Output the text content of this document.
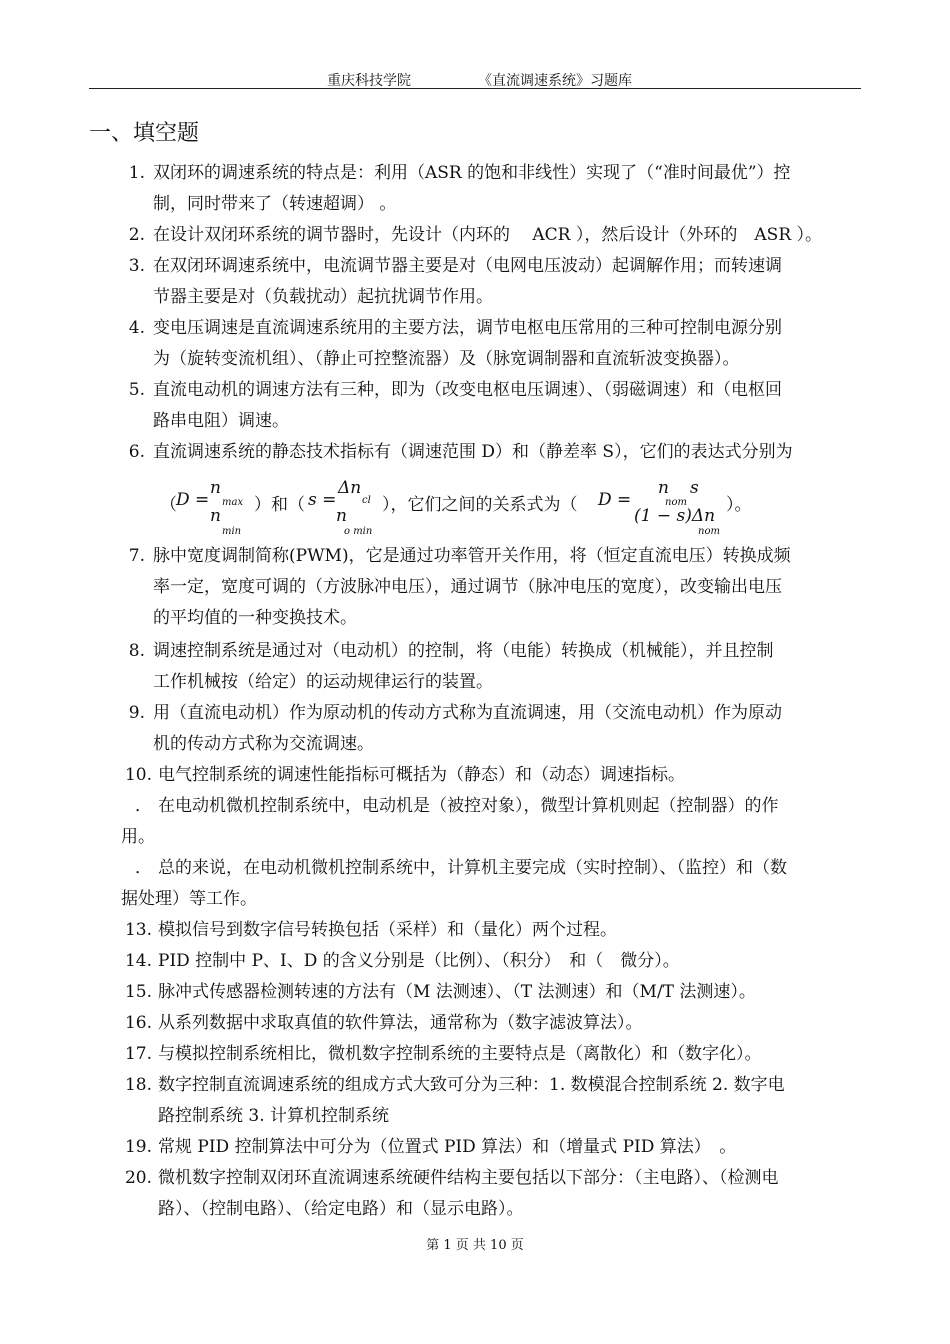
重庆科技学院	《直流调速系统》习题库
一、填空题
1. 双闭环的调速系统的特点是：利用（ASR 的饱和非线性）实现了（“准时间最优”）控
制，同时带来了（转速超调） 。
2. 在设计双闭环系统的调节器时，先设计（内环的　 ACR ），然后设计（外环的　ASR ）。
3. 在双闭环调速系统中，电流调节器主要是对（电网电压波动）起调解作用；而转速调
节器主要是对（负载扰动）起抗扰调节作用。
4. 变电压调速是直流调速系统用的主要方法，调节电枢电压常用的三种可控制电源分别
为（旋转变流机组）、（静止可控整流器）及（脉宽调制器和直流斩波变换器）。
5. 直流电动机的调速方法有三种，即为（改变电枢电压调速）、（弱磁调速）和（电枢回
路串电阻）调速。
6. 直流调速系统的静态技术指标有（调速范围 D）和（静差率 S），它们的表达式分别为
7. 脉中宽度调制简称(PWM)，它是通过功率管开关作用，将（恒定直流电压）转换成频
率一定，宽度可调的（方波脉冲电压），通过调节（脉冲电压的宽度），改变输出电压
的平均值的一种变换技术。
8. 调速控制系统是通过对（电动机）的控制，将（电能）转换成（机械能），并且控制
工作机械按（给定）的运动规律运行的装置。
9. 用（直流电动机）作为原动机的传动方式称为直流调速，用（交流电动机）作为原动
机的传动方式称为交流调速。
10. 电气控制系统的调速性能指标可概括为（静态）和（动态）调速指标。
． 在电动机微机控制系统中，电动机是（被控对象），微型计算机则起（控制器）的作
用。
． 总的来说，在电动机微机控制系统中，计算机主要完成（实时控制）、（监控）和（数
据处理）等工作。
13. 模拟信号到数字信号转换包括（采样）和（量化）两个过程。
14. PID 控制中 P、I、D 的含义分别是（比例）、（积分）　和（　微分）。
15. 脉冲式传感器检测转速的方法有（M 法测速）、（T 法测速）和（M/T 法测速）。
16. 从系列数据中求取真值的软件算法，通常称为（数字滤波算法）。
17. 与模拟控制系统相比，微机数字控制系统的主要特点是（离散化）和（数字化）。
18. 数字控制直流调速系统的组成方式大致可分为三种：1. 数模混合控制系统 2. 数字电
路控制系统 3. 计算机控制系统
19. 常规 PID 控制算法中可分为（位置式 PID 算法）和（增量式 PID 算法）　。
20. 微机数字控制双闭环直流调速系统硬件结构主要包括以下部分：（主电路）、（检测电
路）、（控制电路）、（给定电路）和（显示电路）。
（ D =
n
max
n
min
）和（ s =
Δn
cl
n
o min
），它们之间的关系式为（ D =
n
nom
s
(1 − s)Δn
nom
）。
第 1 页 共 10 页
